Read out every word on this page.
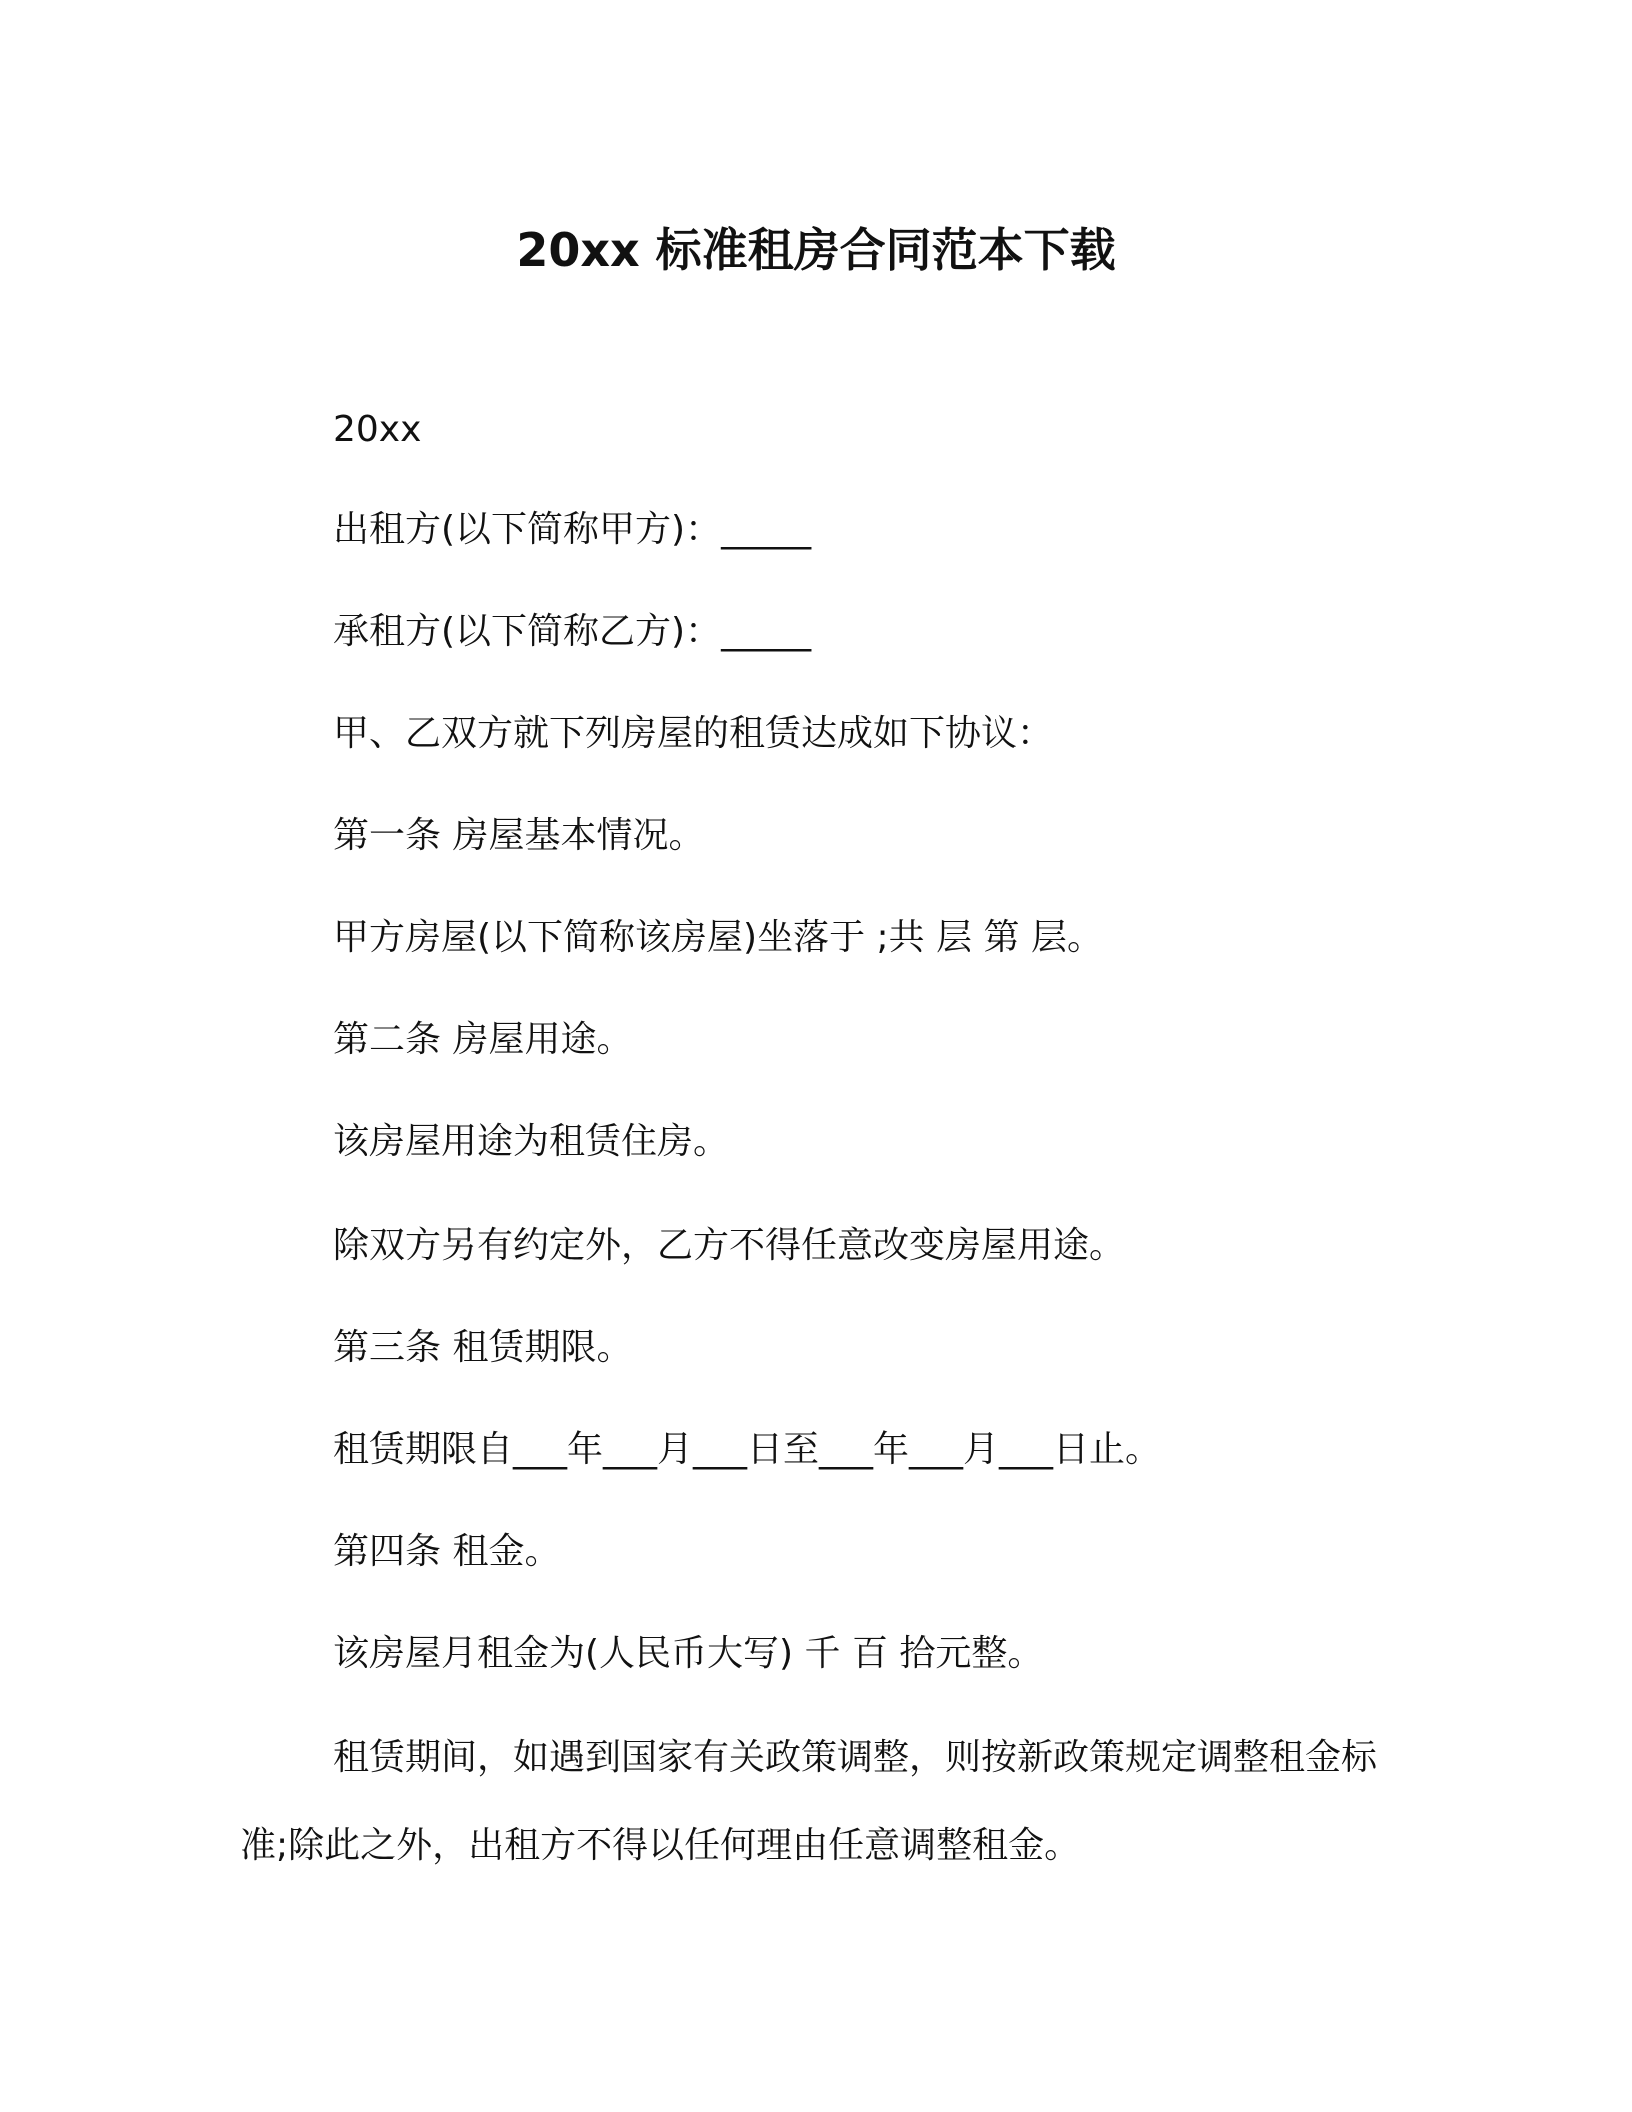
20xx 标准租房合同范本下载
20xx
出租方(以下简称甲方)：_____
承租方(以下简称乙方)：_____
甲、乙双方就下列房屋的租赁达成如下协议：
第一条 房屋基本情况。
甲方房屋(以下简称该房屋)坐落于 ;共 层 第 层。
第二条 房屋用途。
该房屋用途为租赁住房。
除双方另有约定外，乙方不得任意改变房屋用途。
第三条 租赁期限。
租赁期限自___年___月___日至___年___月___日止。
第四条 租金。
该房屋月租金为(人民币大写) 千 百 拾元整。
租赁期间，如遇到国家有关政策调整，则按新政策规定调整租金标准;除此之外，出租方不得以任何理由任意调整租金。
